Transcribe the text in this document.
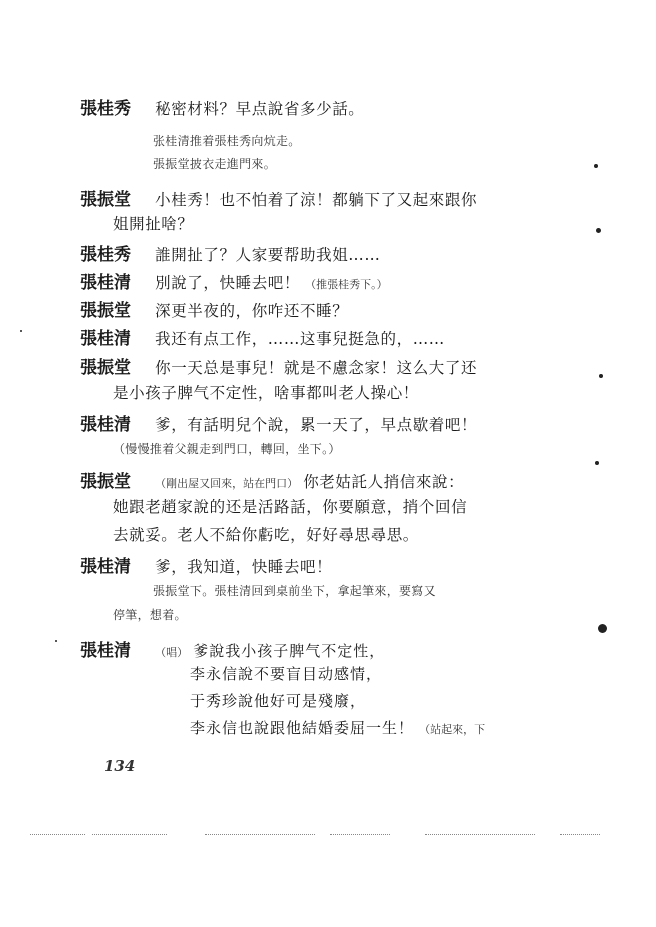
張桂秀 秘密材料？早点說省多少話。
张桂清推着張桂秀向炕走。
張振堂披衣走進門來。
張振堂 小桂秀！也不怕着了涼！都躺下了又起來跟你
姐開扯啥？
張桂秀 誰開扯了？人家要帮助我姐……
張桂清 別說了，快睡去吧！ （推張桂秀下。）
張振堂 深更半夜的，你咋还不睡？
張桂清 我还有点工作，……这事兒挺急的，……
張振堂 你一天总是事兒！就是不慮念家！这么大了还
是小孩子脾气不定性，啥事都叫老人操心！
張桂清 爹，有話明兒个說，累一天了，早点歇着吧！
（慢慢推着父親走到門口，轉回，坐下。）
張振堂 （剛出屋又回來，站在門口） 你老姑託人捎信來說：
她跟老趙家說的还是活路話，你要願意，捎个回信
去就妥。老人不給你虧吃，好好尋思尋思。
張桂清 爹，我知道，快睡去吧！
張振堂下。張桂清回到桌前坐下，拿起筆來，要寫又
停筆，想着。
張桂清 （唱） 爹說我小孩子脾气不定性，
李永信說不要盲目动感情，
于秀珍說他好可是殘廢，
李永信也說跟他結婚委屈一生！ （站起來，下
134
